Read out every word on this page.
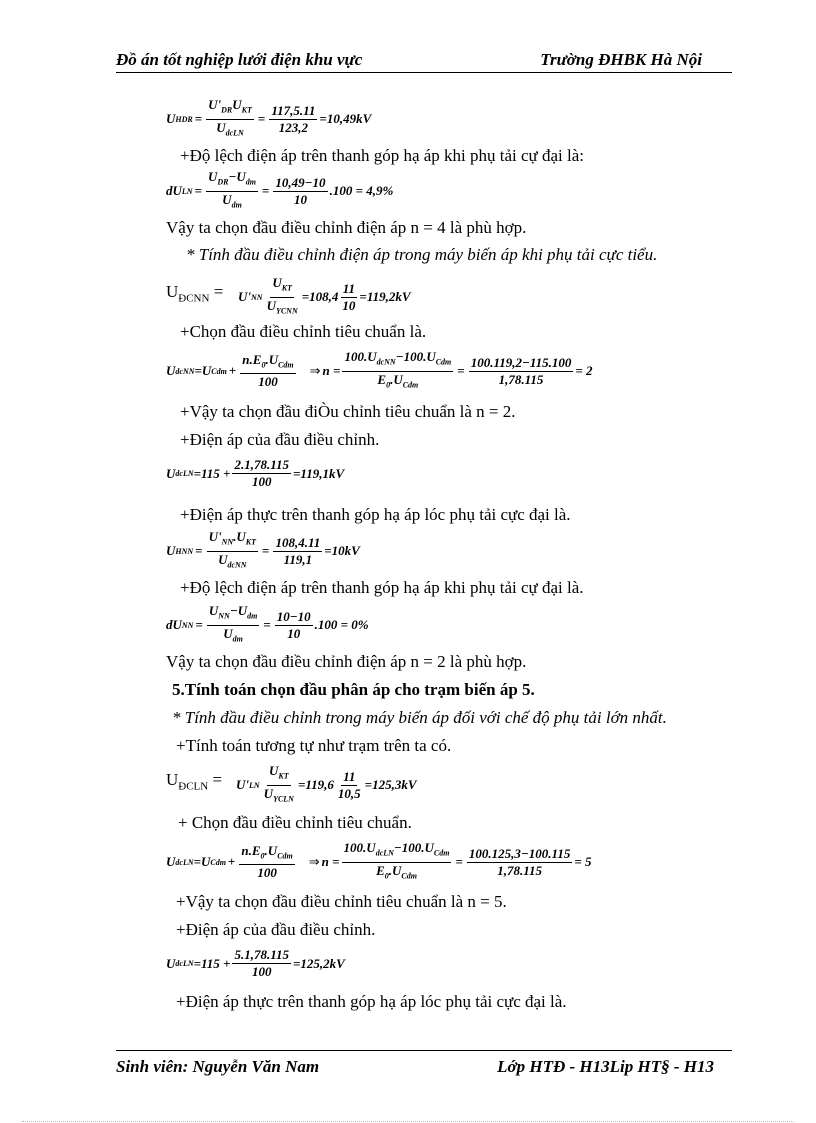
Đồ án tốt nghiệp lưới điện khu vực	Trường ĐHBK Hà Nội
U HDR = $\frac{U'_{DR}U_{KT}}{U_{dcLN}} = \frac{117,5.11}{123,2} =10,49kV$
+Độ lệch điện áp trên thanh góp hạ áp khi phụ tải cự đại là:
dU LN = $\frac{U_{DR}-U_{dm}}{U_{dm}} = \frac{10,49-10}{10} .100 = 4,9\%$
Vậy ta chọn đầu điều chỉnh điện áp n = 4 là phù hợp.
* Tính đầu điều chỉnh điện áp trong máy biến áp khi phụ tải cực tiểu.
$U_{ĐCNN} = U'$ NN $\frac{U_{KT}}{U_{YCNN}} =108,4 \frac{11}{10} =119,2kV$
+Chọn đầu điều chỉnh tiêu chuẩn là.
U dcNN =U Cdm + $\frac{n.E_0.U_{Cdm}}{100}$ ⇒ $n = \frac{100.U_{dcNN}-100.U_{Cdm}}{E_0.U_{Cdm}} = \frac{100.119,2-115.100}{1,78.115} = 2$
+Vậy ta chọn đầu điÒu chỉnh tiêu chuẩn là n = 2.
+Điện áp của đầu điều chỉnh.
U dcLN $=115 + \frac{2.1,78.115}{100} =119,1kV$
+Điện áp thực trên thanh góp hạ áp lóc phụ tải cực đại là.
U HNN = $\frac{U'_{NN}.U_{KT}}{U_{dcNN}} = \frac{108,4.11}{119,1} =10kV$
+Độ lệch điện áp trên thanh góp hạ áp khi phụ tải cự đại là.
dU NN = $\frac{U_{NN}-U_{dm}}{U_{dm}} = \frac{10-10}{10} .100 = 0\%$
Vậy ta chọn đầu điều chỉnh điện áp n = 2 là phù hợp.
5.Tính toán chọn đầu phân áp cho trạm biến áp 5.
* Tính đầu điều chỉnh trong máy biến áp đối với chế độ phụ tải lớn nhất.
+Tính toán tương tự như trạm trên ta có.
$U_{ĐCLN} = U'$ LN $\frac{U_{KT}}{U_{YCLN}} =119,6 \frac{11}{10,5} =125,3kV$
+ Chọn đầu điều chỉnh tiêu chuẩn.
U dcLN =U Cdm + $\frac{n.E_0.U_{Cdm}}{100}$ ⇒ $n = \frac{100.U_{dcLN}-100.U_{Cdm}}{E_0.U_{Cdm}} = \frac{100.125,3-100.115}{1,78.115} = 5$
+Vậy ta chọn đầu điều chỉnh tiêu chuẩn là n = 5.
+Điện áp của đầu điều chỉnh.
U dcLN $=115 + \frac{5.1,78.115}{100} =125,2kV$
+Điện áp thực trên thanh góp hạ áp lóc phụ tải cực đại là.
Sinh viên: Nguyễn Văn Nam	Lớp HTĐ - H13Lip HT§ - H13
